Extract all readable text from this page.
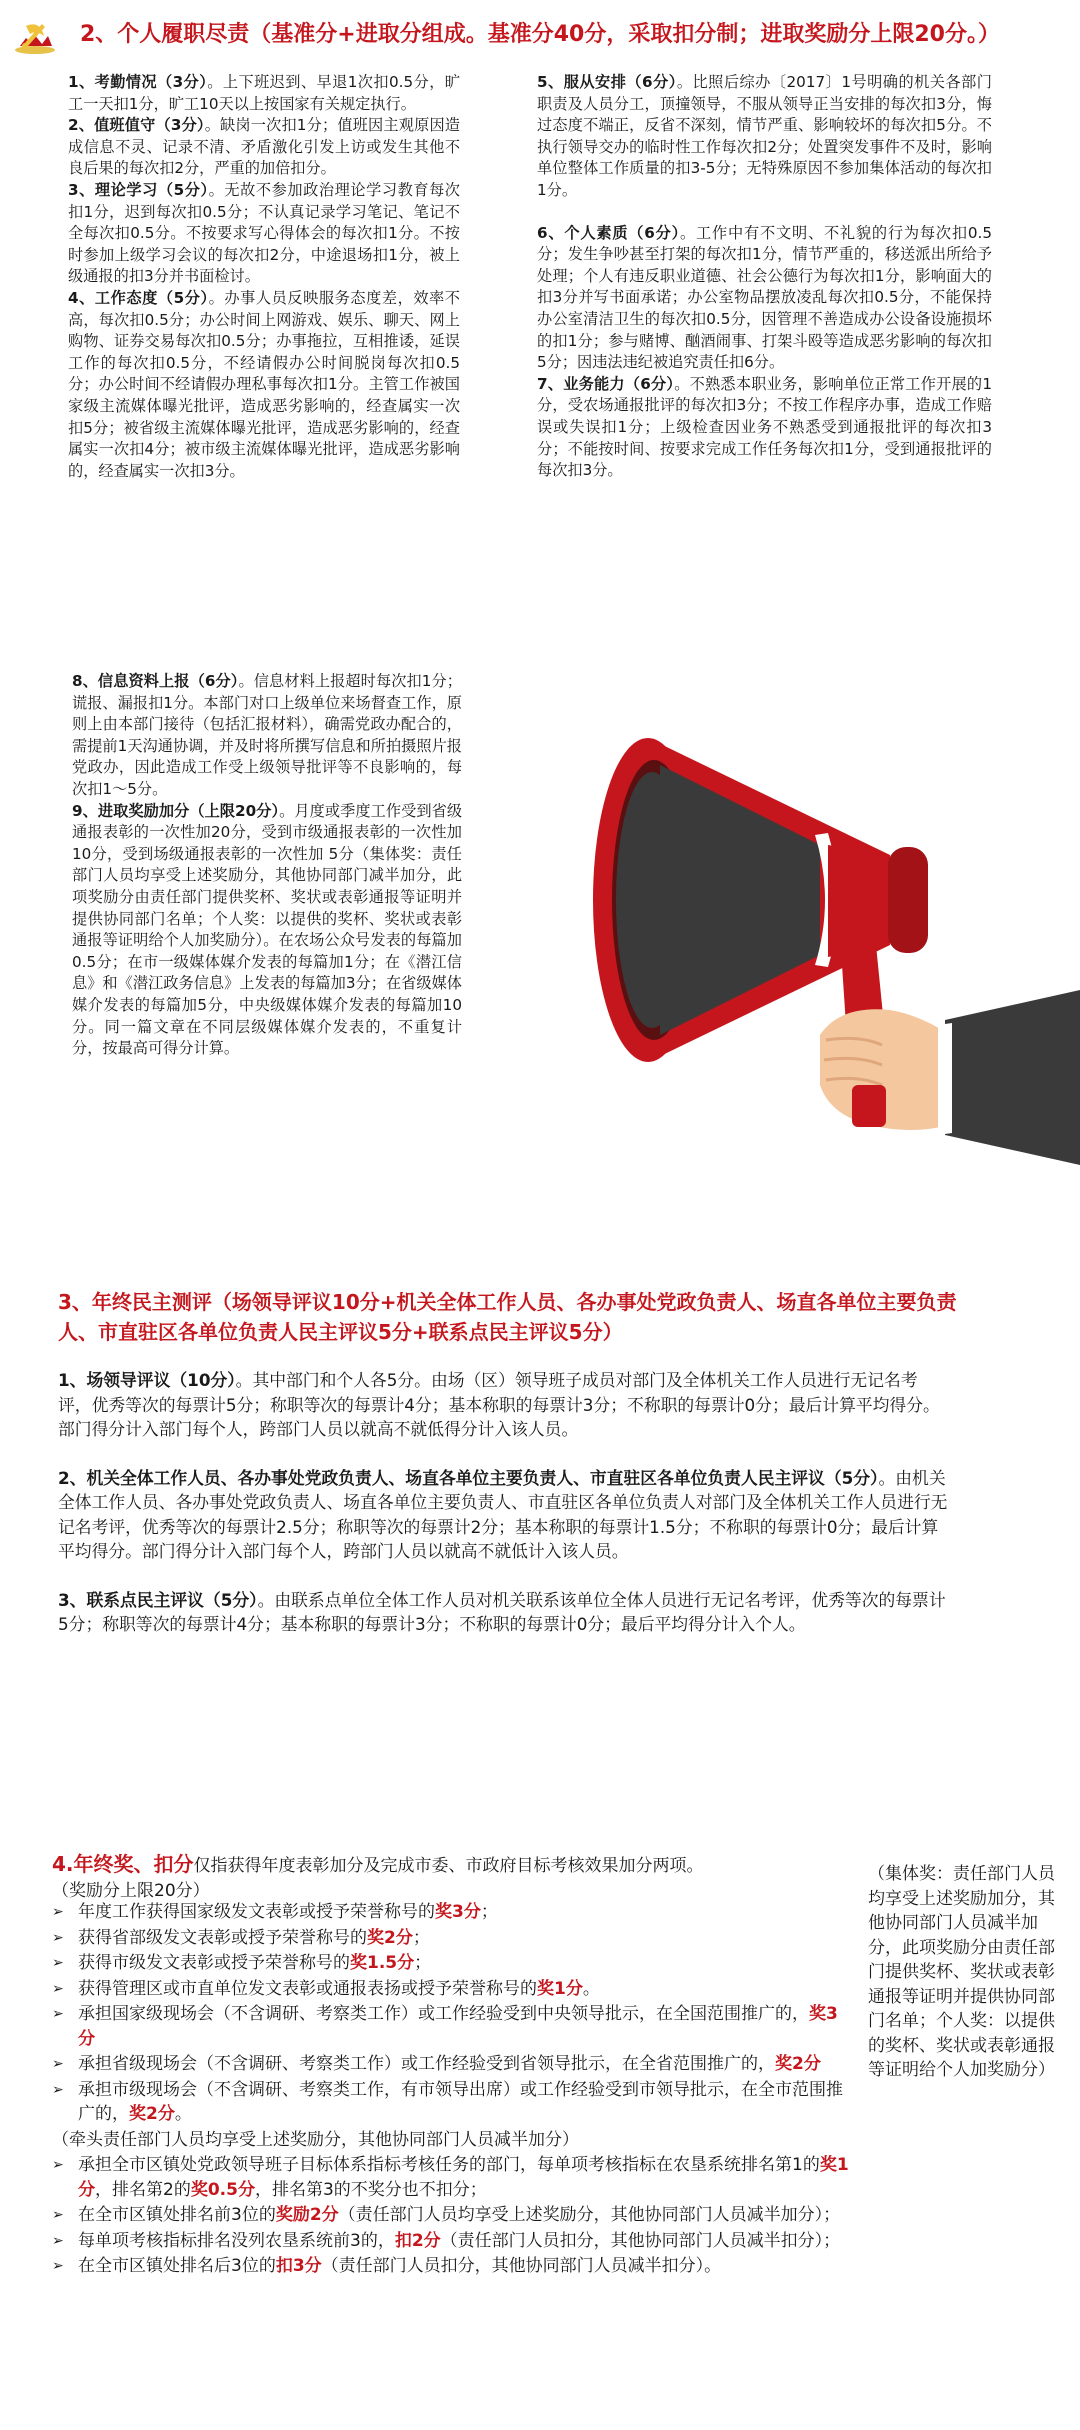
2、个人履职尽责（基准分+进取分组成。基准分40分，采取扣分制；进取奖励分上限20分。）

1、考勤情况（3分）。上下班迟到、早退1次扣0.5分，旷工一天扣1分，旷工10天以上按国家有关规定执行。

2、值班值守（3分）。缺岗一次扣1分；值班因主观原因造成信息不灵、记录不清、矛盾激化引发上访或发生其他不良后果的每次扣2分，严重的加倍扣分。

3、理论学习（5分）。无故不参加政治理论学习教育每次扣1分，迟到每次扣0.5分；不认真记录学习笔记、笔记不全每次扣0.5分。不按要求写心得体会的每次扣1分。不按时参加上级学习会议的每次扣2分，中途退场扣1分，被上级通报的扣3分并书面检讨。

4、工作态度（5分）。办事人员反映服务态度差，效率不高，每次扣0.5分；办公时间上网游戏、娱乐、聊天、网上购物、证券交易每次扣0.5分；办事拖拉，互相推诿，延误工作的每次扣0.5分，不经请假办公时间脱岗每次扣0.5分；办公时间不经请假办理私事每次扣1分。主管工作被国家级主流媒体曝光批评，造成恶劣影响的，经查属实一次扣5分；被省级主流媒体曝光批评，造成恶劣影响的，经查属实一次扣4分；被市级主流媒体曝光批评，造成恶劣影响的，经查属实一次扣3分。

5、服从安排（6分）。比照后综办〔2017〕1号明确的机关各部门职责及人员分工，顶撞领导，不服从领导正当安排的每次扣3分，悔过态度不端正，反省不深刻，情节严重、影响较坏的每次扣5分。不执行领导交办的临时性工作每次扣2分；处置突发事件不及时，影响单位整体工作质量的扣3-5分；无特殊原因不参加集体活动的每次扣1分。

6、个人素质（6分）。工作中有不文明、不礼貌的行为每次扣0.5分；发生争吵甚至打架的每次扣1分，情节严重的，移送派出所给予处理；个人有违反职业道德、社会公德行为每次扣1分，影响面大的扣3分并写书面承诺；办公室物品摆放凌乱每次扣0.5分，不能保持办公室清洁卫生的每次扣0.5分，因管理不善造成办公设备设施损坏的扣1分；参与赌博、酗酒闹事、打架斗殴等造成恶劣影响的每次扣5分；因违法违纪被追究责任扣6分。

7、业务能力（6分）。不熟悉本职业务，影响单位正常工作开展的1分，受农场通报批评的每次扣3分；不按工作程序办事，造成工作赔误或失误扣1分；上级检查因业务不熟悉受到通报批评的每次扣3分；不能按时间、按要求完成工作任务每次扣1分，受到通报批评的每次扣3分。

8、信息资料上报（6分）。信息材料上报超时每次扣1分；谎报、漏报扣1分。本部门对口上级单位来场督查工作，原则上由本部门接待（包括汇报材料），确需党政办配合的，需提前1天沟通协调，并及时将所撰写信息和所拍摄照片报党政办，因此造成工作受上级领导批评等不良影响的，每次扣1～5分。

9、进取奖励加分（上限20分）。月度或季度工作受到省级通报表彰的一次性加20分，受到市级通报表彰的一次性加10分，受到场级通报表彰的一次性加 5分（集体奖：责任部门人员均享受上述奖励分，其他协同部门减半加分，此项奖励分由责任部门提供奖杯、奖状或表彰通报等证明并提供协同部门名单；个人奖：以提供的奖杯、奖状或表彰通报等证明给个人加奖励分）。在农场公众号发表的每篇加0.5分；在市一级媒体媒介发表的每篇加1分；在《潜江信息》和《潜江政务信息》上发表的每篇加3分；在省级媒体媒介发表的每篇加5分，中央级媒体媒介发表的每篇加10分。同一篇文章在不同层级媒体媒介发表的，不重复计分，按最高可得分计算。

3、年终民主测评（场领导评议10分+机关全体工作人员、各办事处党政负责人、场直各单位主要负责人、市直驻区各单位负责人民主评议5分+联系点民主评议5分）

1、场领导评议（10分）。其中部门和个人各5分。由场（区）领导班子成员对部门及全体机关工作人员进行无记名考评，优秀等次的每票计5分；称职等次的每票计4分；基本称职的每票计3分；不称职的每票计0分；最后计算平均得分。部门得分计入部门每个人，跨部门人员以就高不就低得分计入该人员。

2、机关全体工作人员、各办事处党政负责人、场直各单位主要负责人、市直驻区各单位负责人民主评议（5分）。由机关全体工作人员、各办事处党政负责人、场直各单位主要负责人、市直驻区各单位负责人对部门及全体机关工作人员进行无记名考评，优秀等次的每票计2.5分；称职等次的每票计2分；基本称职的每票计1.5分；不称职的每票计0分；最后计算平均得分。部门得分计入部门每个人，跨部门人员以就高不就低计入该人员。

3、联系点民主评议（5分）。由联系点单位全体工作人员对机关联系该单位全体人员进行无记名考评，优秀等次的每票计5分；称职等次的每票计4分；基本称职的每票计3分；不称职的每票计0分；最后平均得分计入个人。

4.年终奖、扣分仅指获得年度表彰加分及完成市委、市政府目标考核效果加分两项。
（奖励分上限20分）
➢ 年度工作获得国家级发文表彰或授予荣誉称号的奖3分；
➢ 获得省部级发文表彰或授予荣誉称号的奖2分；
➢ 获得市级发文表彰或授予荣誉称号的奖1.5分；
➢ 获得管理区或市直单位发文表彰或通报表扬或授予荣誉称号的奖1分。
➢ 承担国家级现场会（不含调研、考察类工作）或工作经验受到中央领导批示，在全国范围推广的，奖3分
➢ 承担省级现场会（不含调研、考察类工作）或工作经验受到省领导批示，在全省范围推广的，奖2分
➢ 承担市级现场会（不含调研、考察类工作，有市领导出席）或工作经验受到市领导批示，在全市范围推广的，奖2分。
（牵头责任部门人员均享受上述奖励分，其他协同部门人员减半加分）
➢ 承担全市区镇处党政领导班子目标体系指标考核任务的部门，每单项考核指标在农垦系统排名第1的奖1分，排名第2的奖0.5分，排名第3的不奖分也不扣分；
➢ 在全市区镇处排名前3位的奖励2分（责任部门人员均享受上述奖励分，其他协同部门人员减半加分）；
➢ 每单项考核指标排名没列农垦系统前3的，扣2分（责任部门人员扣分，其他协同部门人员减半扣分）；
➢ 在全市区镇处排名后3位的扣3分（责任部门人员扣分，其他协同部门人员减半扣分）。
（集体奖：责任部门人员均享受上述奖励加分，其他协同部门人员减半加分，此项奖励分由责任部门提供奖杯、奖状或表彰通报等证明并提供协同部门名单；个人奖：以提供的奖杯、奖状或表彰通报等证明给个人加奖励分）
